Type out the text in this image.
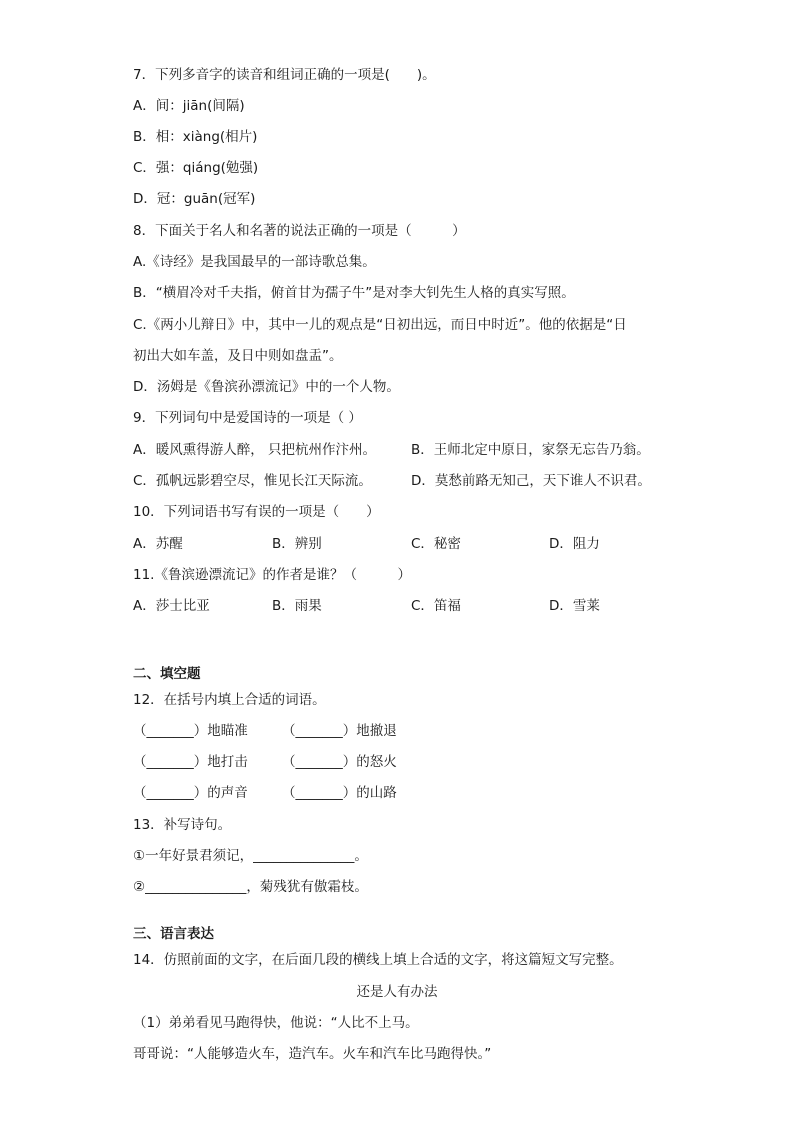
7．下列多音字的读音和组词正确的一项是(　　)。
A．间：jiān(间隔)
B．相：xiàng(相片)
C．强：qiáng(勉强)
D．冠：guān(冠军)
8．下面关于名人和名著的说法正确的一项是（　　　）
A.《诗经》是我国最早的一部诗歌总集。
B．“横眉冷对千夫指，俯首甘为孺子牛”是对李大钊先生人格的真实写照。
C.《两小儿辩日》中，其中一儿的观点是“日初出远，而日中时近”。他的依据是“日
初出大如车盖，及日中则如盘盂”。
D．汤姆是《鲁滨孙漂流记》中的一个人物。
9．下列词句中是爱国诗的一项是（ ）
A．暖风熏得游人醉， 只把杭州作汴州。	B．王师北定中原日，家祭无忘告乃翁。
C．孤帆远影碧空尽，惟见长江天际流。	D．莫愁前路无知己，天下谁人不识君。
10．下列词语书写有误的一项是（　　）
A．苏醒	B．辨别	C．秘密	D．阻力
11.《鲁滨逊漂流记》的作者是谁？（　　　）
A．莎士比亚	B．雨果	C．笛福	D．雪莱
二、填空题
12．在括号内填上合适的词语。
（_______）地瞄准	（_______）地撤退
（_______）地打击	（_______）的怒火
（_______）的声音	（_______）的山路
13．补写诗句。
①一年好景君须记，_______________。
②_______________，菊残犹有傲霜枝。
三、语言表达
14．仿照前面的文字，在后面几段的横线上填上合适的文字，将这篇短文写完整。
还是人有办法
（1）弟弟看见马跑得快，他说：“人比不上马。
哥哥说：“人能够造火车，造汽车。火车和汽车比马跑得快。”
